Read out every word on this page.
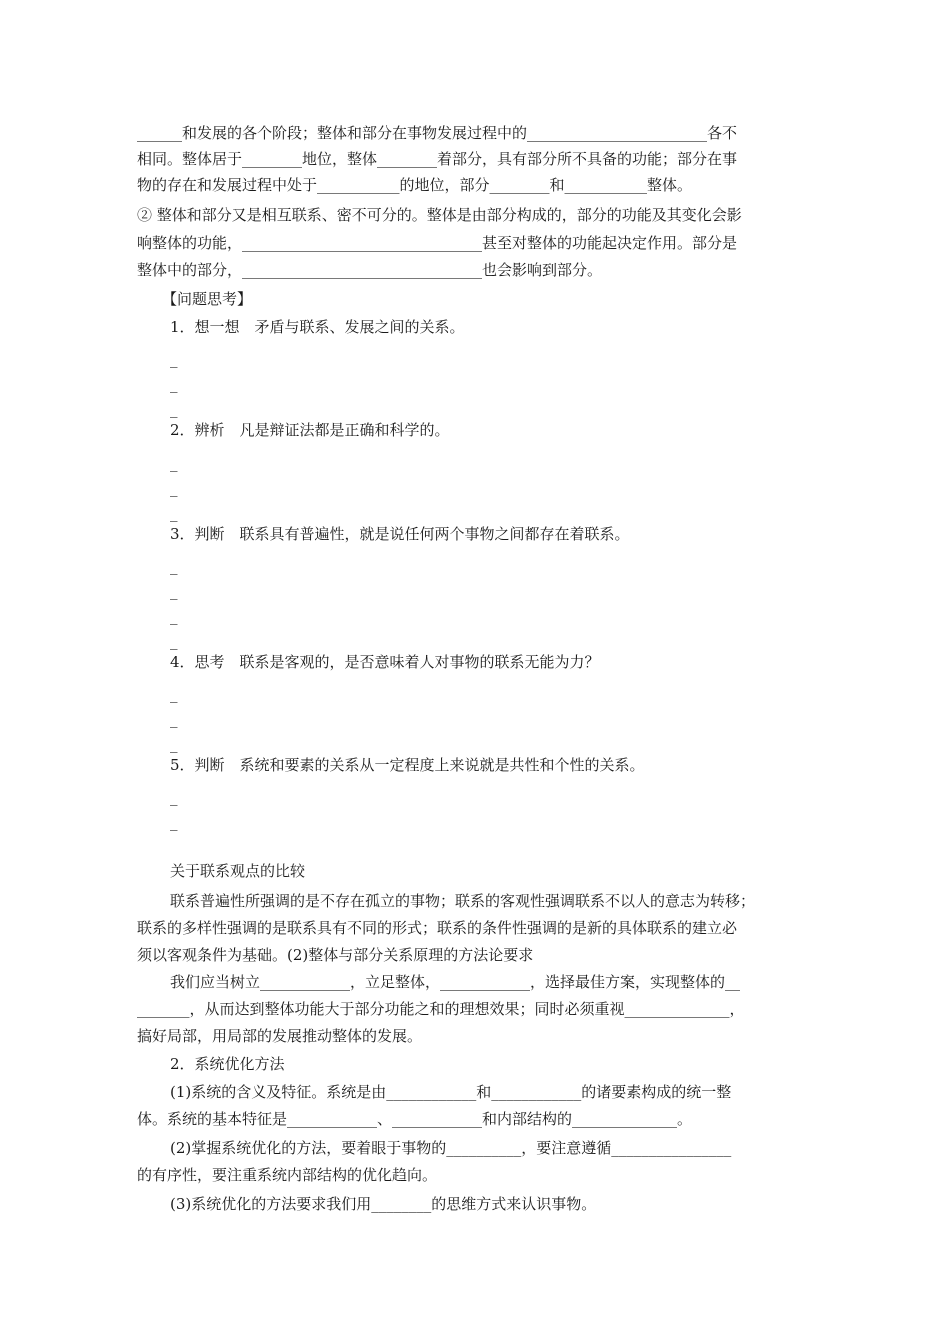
______和发展的各个阶段；整体和部分在事物发展过程中的________________________各不
相同。整体居于________地位，整体________着部分，具有部分所不具备的功能；部分在事
物的存在和发展过程中处于___________的地位，部分________和___________整体。
② 整体和部分又是相互联系、密不可分的。整体是由部分构成的，部分的功能及其变化会影
响整体的功能，________________________________甚至对整体的功能起决定作用。部分是
整体中的部分，________________________________也会影响到部分。
【问题思考】
1．想一想　矛盾与联系、发展之间的关系。
_
_
_
2．辨析　凡是辩证法都是正确和科学的。
_
_
_
3．判断　联系具有普遍性，就是说任何两个事物之间都存在着联系。
_
_
_
_
4．思考　联系是客观的，是否意味着人对事物的联系无能为力？
_
_
_
5．判断　系统和要素的关系从一定程度上来说就是共性和个性的关系。
_
_
关于联系观点的比较
联系普遍性所强调的是不存在孤立的事物；联系的客观性强调联系不以人的意志为转移；
联系的多样性强调的是联系具有不同的形式；联系的条件性强调的是新的具体联系的建立必
须以客观条件为基础。(2)整体与部分关系原理的方法论要求
我们应当树立____________，立足整体，____________，选择最佳方案，实现整体的__
_______，从而达到整体功能大于部分功能之和的理想效果；同时必须重视______________，
搞好局部，用局部的发展推动整体的发展。
2．系统优化方法
(1)系统的含义及特征。系统是由____________和____________的诸要素构成的统一整
体。系统的基本特征是____________、____________和内部结构的______________。
(2)掌握系统优化的方法，要着眼于事物的__________，要注意遵循________________
的有序性，要注重系统内部结构的优化趋向。
(3)系统优化的方法要求我们用________的思维方式来认识事物。
